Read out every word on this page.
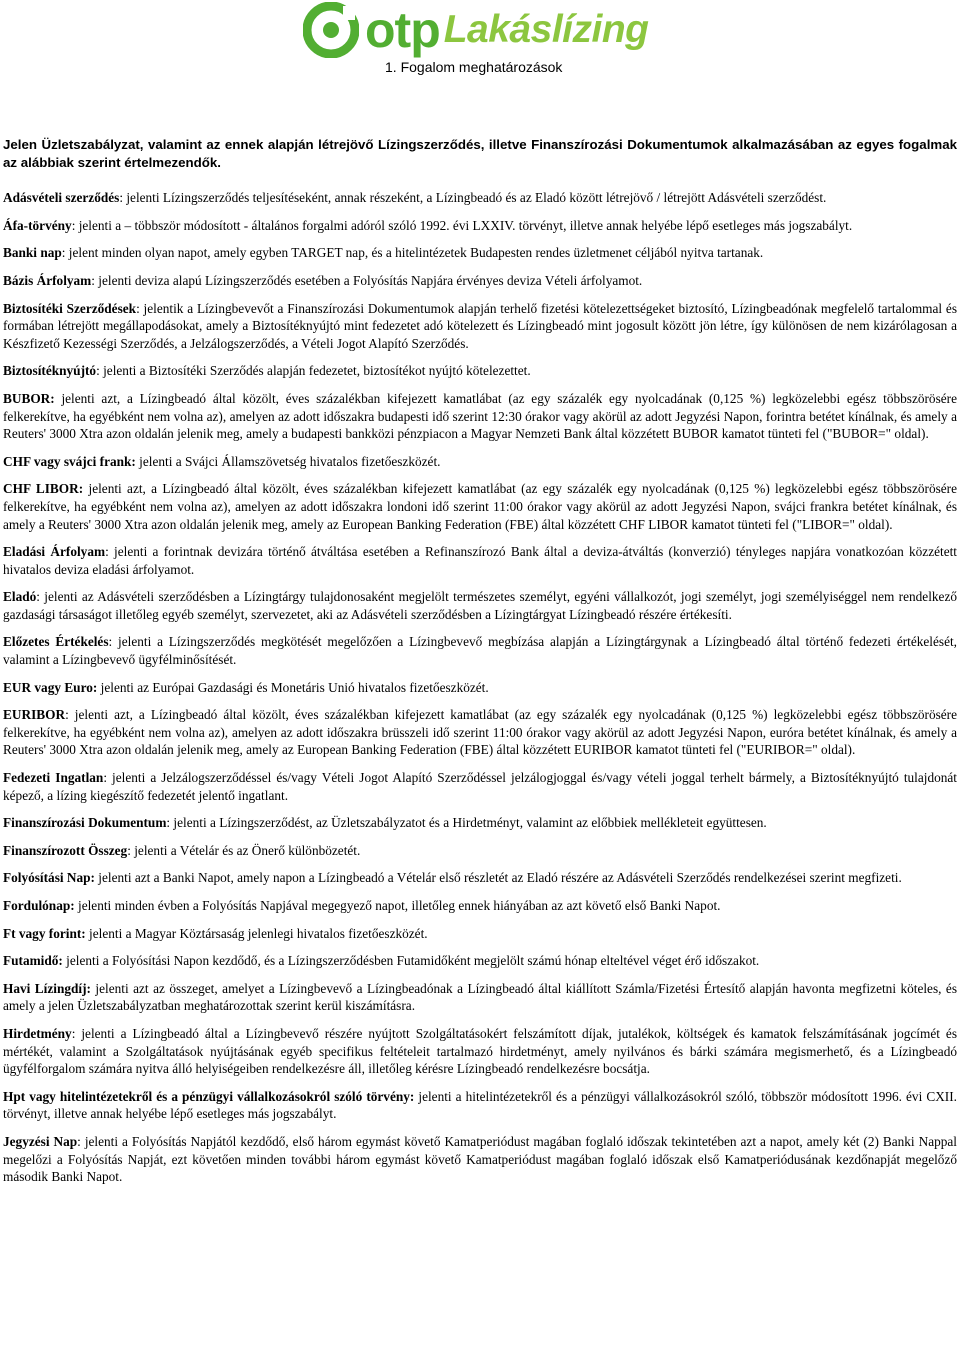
otp Lakáslízing
1. Fogalom meghatározások

Jelen Üzletszabályzat, valamint az ennek alapján létrejövő Lízingszerződés, illetve Finanszírozási Dokumentumok alkalmazásában az egyes fogalmak az alábbiak szerint értelmezendők.

Adásvételi szerződés: jelenti Lízingszerződés teljesítéseként, annak részeként, a Lízingbeadó és az Eladó között létrejövő / létrejött Adásvételi szerződést.

Áfa-törvény: jelenti a – többször módosított - általános forgalmi adóról szóló 1992. évi LXXIV. törvényt, illetve annak helyébe lépő esetleges más jogszabályt.

Banki nap: jelent minden olyan napot, amely egyben TARGET nap, és a hitelintézetek Budapesten rendes üzletmenet céljából nyitva tartanak.

Bázis Árfolyam: jelenti deviza alapú Lízingszerződés esetében a Folyósítás Napjára érvényes deviza Vételi árfolyamot.

Biztosítéki Szerződések: jelentik a Lízingbevevőt a Finanszírozási Dokumentumok alapján terhelő fizetési kötelezettségeket biztosító, Lízingbeadónak megfelelő tartalommal és formában létrejött megállapodásokat, amely a Biztosítéknyújtó mint fedezetet adó kötelezett és Lízingbeadó mint jogosult között jön létre, így különösen de nem kizárólagosan a Készfizető Kezességi Szerződés, a Jelzálogszerződés, a Vételi Jogot Alapító Szerződés.

Biztosítéknyújtó: jelenti a Biztosítéki Szerződés alapján fedezetet, biztosítékot nyújtó kötelezettet.

BUBOR: jelenti azt, a Lízingbeadó által közölt, éves százalékban kifejezett kamatlábat (az egy százalék egy nyolcadának (0,125 %) legközelebbi egész többszörösére felkerekítve, ha egyébként nem volna az), amelyen az adott időszakra budapesti idő szerint 12:30 órakor vagy akörül az adott Jegyzési Napon, forintra betétet kínálnak, és amely a Reuters' 3000 Xtra azon oldalán jelenik meg, amely a budapesti bankközi pénzpiacon a Magyar Nemzeti Bank által közzétett BUBOR kamatot tünteti fel ("BUBOR=" oldal).

CHF vagy svájci frank: jelenti a Svájci Államszövetség hivatalos fizetőeszközét.

CHF LIBOR: jelenti azt, a Lízingbeadó által közölt, éves százalékban kifejezett kamatlábat (az egy százalék egy nyolcadának (0,125 %) legközelebbi egész többszörösére felkerekítve, ha egyébként nem volna az), amelyen az adott időszakra londoni idő szerint 11:00 órakor vagy akörül az adott Jegyzési Napon, svájci frankra betétet kínálnak, és amely a Reuters' 3000 Xtra azon oldalán jelenik meg, amely az European Banking Federation (FBE) által közzétett CHF LIBOR kamatot tünteti fel ("LIBOR=" oldal).

Eladási Árfolyam: jelenti a forintnak devizára történő átváltása esetében a Refinanszírozó Bank által a deviza-átváltás (konverzió) tényleges napjára vonatkozóan közzétett hivatalos deviza eladási árfolyamot.

Eladó: jelenti az Adásvételi szerződésben a Lízingtárgy tulajdonosaként megjelölt természetes személyt, egyéni vállalkozót, jogi személyt, jogi személyiséggel nem rendelkező gazdasági társaságot illetőleg egyéb személyt, szervezetet, aki az Adásvételi szerződésben a Lízingtárgyat Lízingbeadó részére értékesíti.

Előzetes Értékelés: jelenti a Lízingszerződés megkötését megelőzően a Lízingbevevő megbízása alapján a Lízingtárgynak a Lízingbeadó által történő fedezeti értékelését, valamint a Lízingbevevő ügyfélminősítését.

EUR vagy Euro: jelenti az Európai Gazdasági és Monetáris Unió hivatalos fizetőeszközét.

EURIBOR: jelenti azt, a Lízingbeadó által közölt, éves százalékban kifejezett kamatlábat (az egy százalék egy nyolcadának (0,125 %) legközelebbi egész többszörösére felkerekítve, ha egyébként nem volna az), amelyen az adott időszakra brüsszeli idő szerint 11:00 órakor vagy akörül az adott Jegyzési Napon, euróra betétet kínálnak, és amely a Reuters' 3000 Xtra azon oldalán jelenik meg, amely az European Banking Federation (FBE) által közzétett EURIBOR kamatot tünteti fel ("EURIBOR=" oldal).

Fedezeti Ingatlan: jelenti a Jelzálogszerződéssel és/vagy Vételi Jogot Alapító Szerződéssel jelzálogjoggal és/vagy vételi joggal terhelt bármely, a Biztosítéknyújtó tulajdonát képező, a lízing kiegészítő fedezetét jelentő ingatlant.

Finanszírozási Dokumentum: jelenti a Lízingszerződést, az Üzletszabályzatot és a Hirdetményt, valamint az előbbiek mellékleteit együttesen.

Finanszírozott Összeg: jelenti a Vételár és az Önerő különbözetét.

Folyósítási Nap: jelenti azt a Banki Napot, amely napon a Lízingbeadó a Vételár első részletét az Eladó részére az Adásvételi Szerződés rendelkezései szerint megfizeti.

Fordulónap: jelenti minden évben a Folyósítás Napjával megegyező napot, illetőleg ennek hiányában az azt követő első Banki Napot.

Ft vagy forint: jelenti a Magyar Köztársaság jelenlegi hivatalos fizetőeszközét.

Futamidő: jelenti a Folyósítási Napon kezdődő, és a Lízingszerződésben Futamidőként megjelölt számú hónap elteltével véget érő időszakot.

Havi Lízingdíj: jelenti azt az összeget, amelyet a Lízingbevevő a Lízingbeadónak a Lízingbeadó által kiállított Számla/Fizetési Értesítő alapján havonta megfizetni köteles, és amely a jelen Üzletszabályzatban meghatározottak szerint kerül kiszámításra.

Hirdetmény: jelenti a Lízingbeadó által a Lízingbevevő részére nyújtott Szolgáltatásokért felszámított díjak, jutalékok, költségek és kamatok felszámításának jogcímét és mértékét, valamint a Szolgáltatások nyújtásának egyéb specifikus feltételeit tartalmazó hirdetményt, amely nyilvános és bárki számára megismerhető, és a Lízingbeadó ügyfélforgalom számára nyitva álló helyiségeiben rendelkezésre áll, illetőleg kérésre Lízingbeadó rendelkezésre bocsátja.

Hpt vagy hitelintézetekről és a pénzügyi vállalkozásokról szóló törvény: jelenti a hitelintézetekről és a pénzügyi vállalkozásokról szóló, többször módosított 1996. évi CXII. törvényt, illetve annak helyébe lépő esetleges más jogszabályt.

Jegyzési Nap: jelenti a Folyósítás Napjától kezdődő, első három egymást követő Kamatperiódust magában foglaló időszak tekintetében azt a napot, amely két (2) Banki Nappal megelőzi a Folyósítás Napját, ezt követően minden további három egymást követő Kamatperiódust magában foglaló időszak első Kamatperiódusának kezdőnapját megelőző második Banki Napot.
